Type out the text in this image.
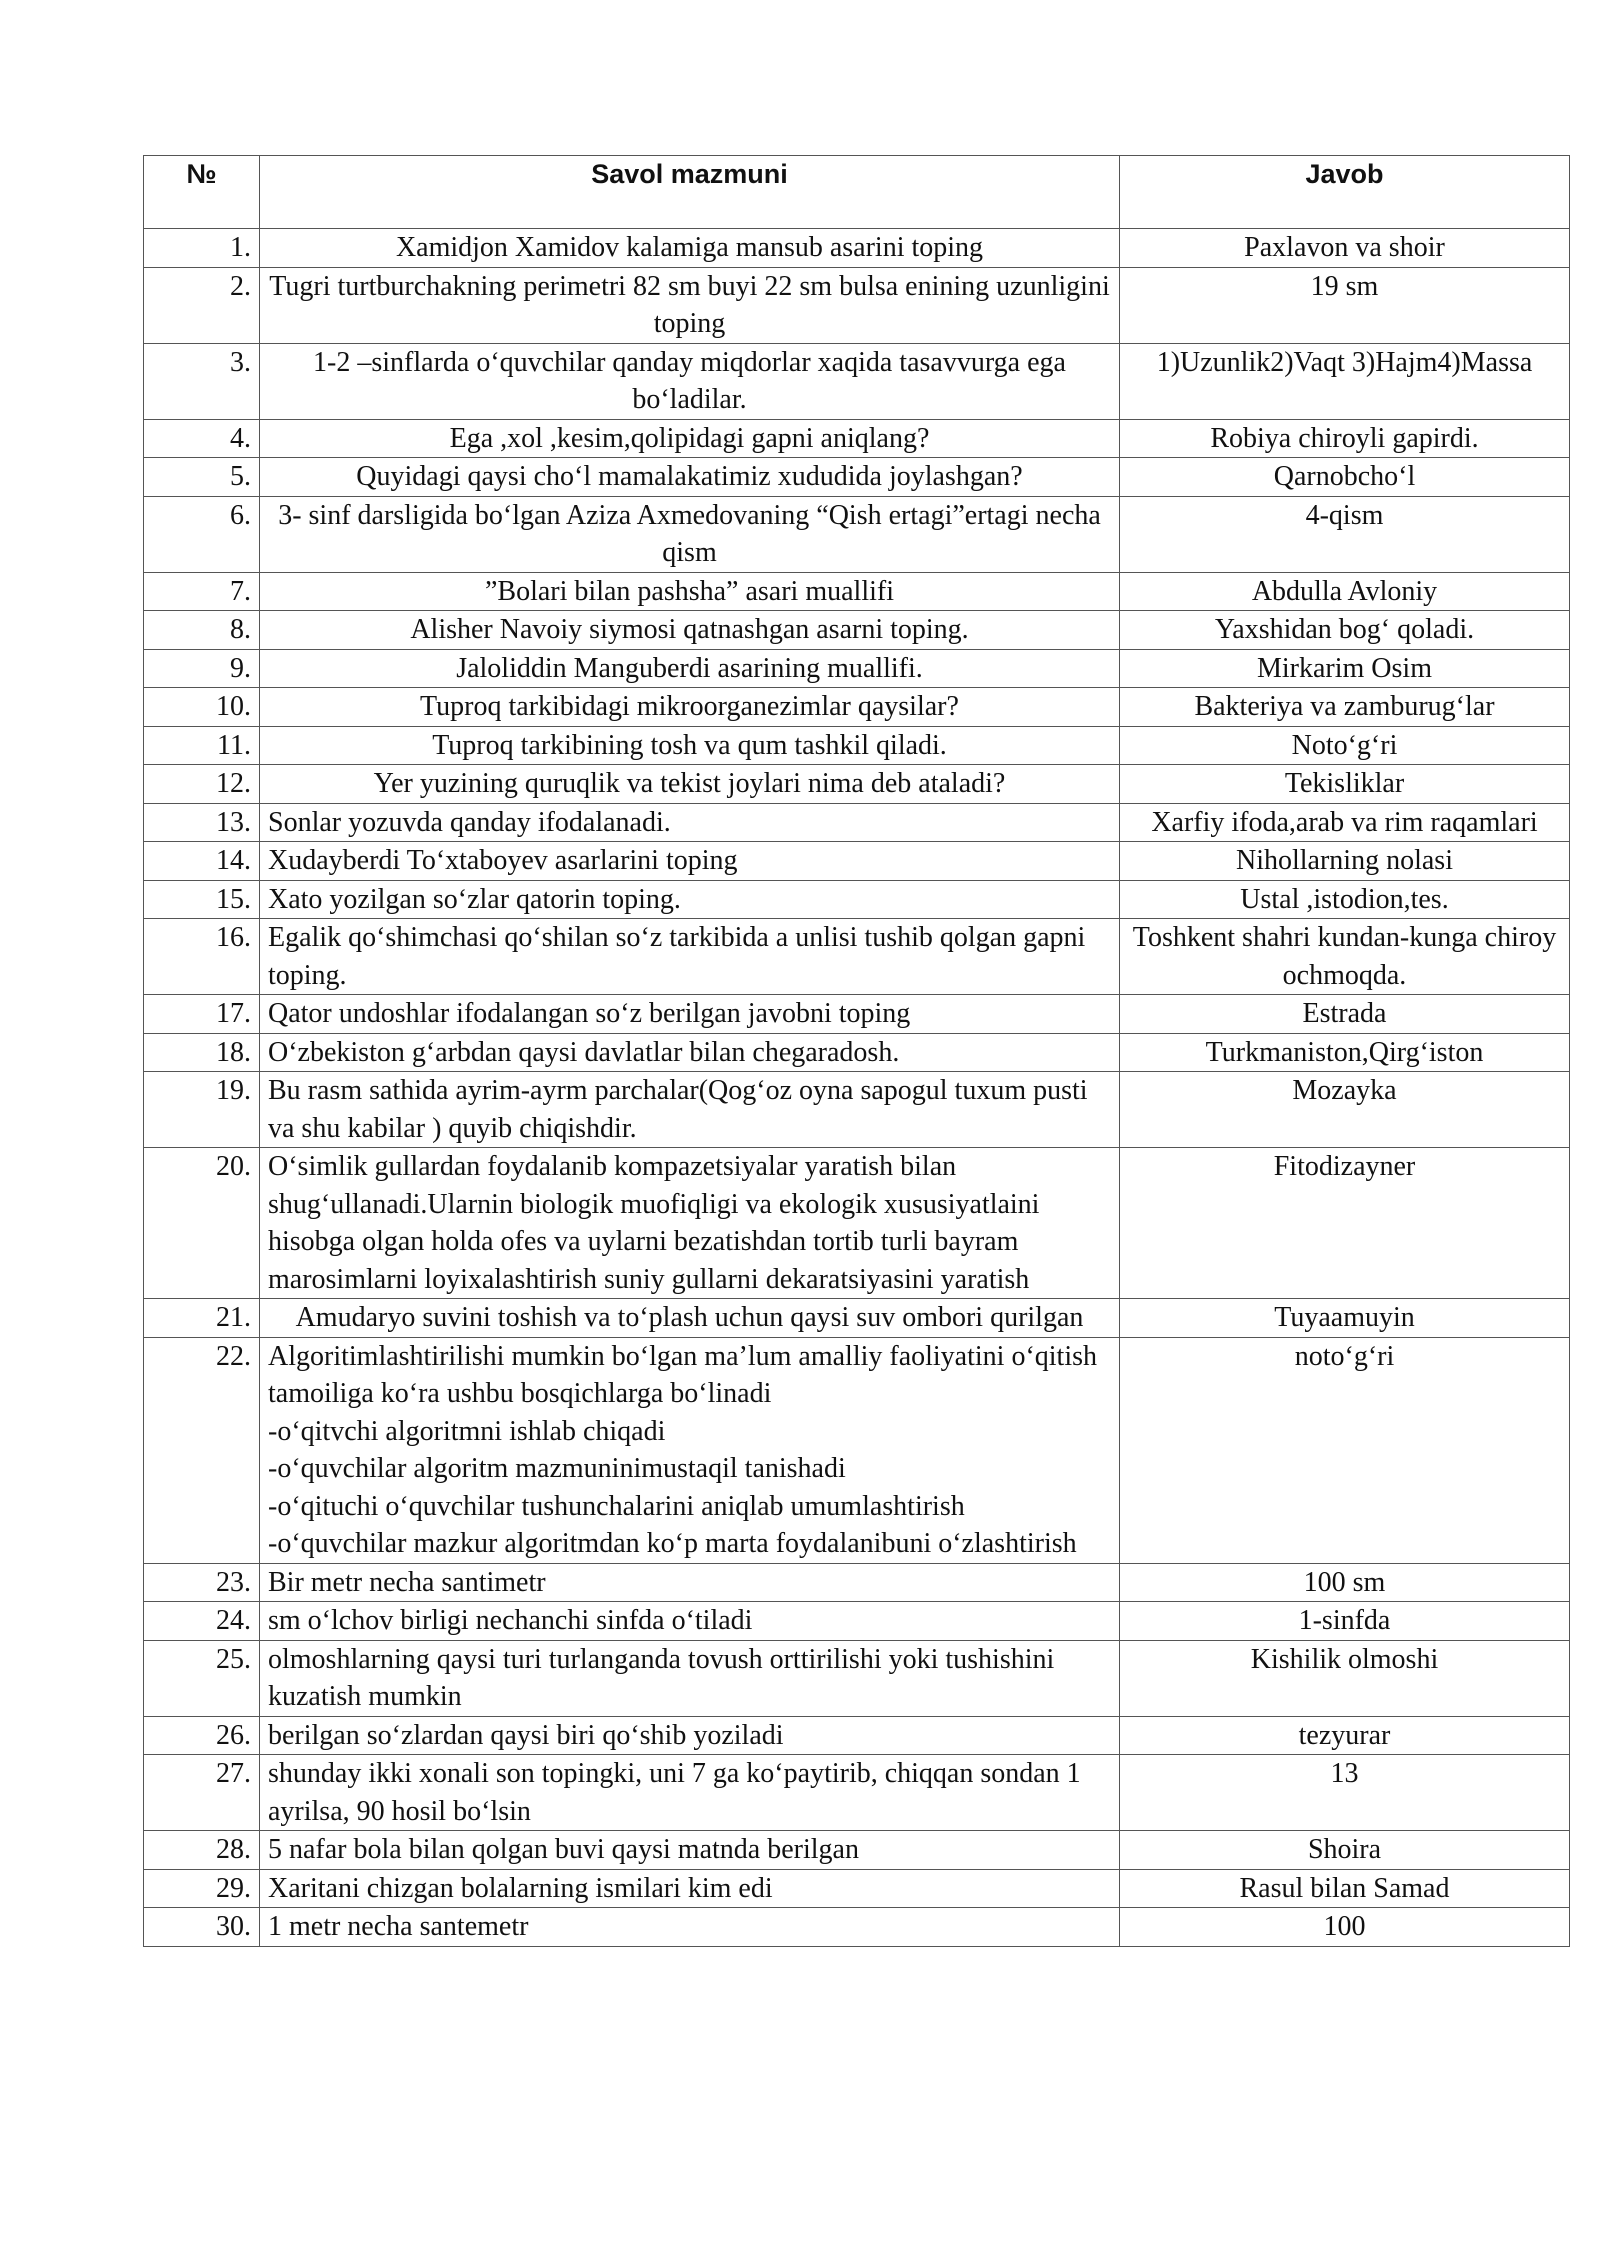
№	Savol mazmuni	Javob
1.	Xamidjon Xamidov kalamiga mansub asarini toping	Paxlavon va shoir
2.	Tugri turtburchakning perimetri 82 sm buyi 22 sm bulsa enining uzunligini toping	19 sm
3.	1-2 –sinflarda o‘quvchilar qanday miqdorlar xaqida tasavvurga ega bo‘ladilar.	1)Uzunlik2)Vaqt 3)Hajm4)Massa
4.	Ega ,xol ,kesim,qolipidagi gapni aniqlang?	Robiya chiroyli gapirdi.
5.	Quyidagi qaysi cho‘l mamalakatimiz xududida joylashgan?	Qarnobcho‘l
6.	3- sinf darsligida bo‘lgan Aziza Axmedovaning “Qish ertagi”ertagi necha qism	4-qism
7.	”Bolari bilan pashsha” asari muallifi	Abdulla Avloniy
8.	Alisher Navoiy siymosi qatnashgan asarni toping.	Yaxshidan bog‘ qoladi.
9.	Jaloliddin Manguberdi asarining muallifi.	Mirkarim Osim
10.	Tuproq tarkibidagi mikroorganezimlar qaysilar?	Bakteriya va zamburug‘lar
11.	Tuproq tarkibining tosh va qum tashkil qiladi.	Noto‘g‘ri
12.	Yer yuzining quruqlik va tekist joylari nima deb ataladi?	Tekisliklar
13.	Sonlar yozuvda qanday ifodalanadi.	Xarfiy ifoda,arab va rim raqamlari
14.	Xudayberdi To‘xtaboyev asarlarini toping	Nihollarning nolasi
15.	Xato yozilgan so‘zlar qatorin toping.	Ustal ,istodion,tes.
16.	Egalik qo‘shimchasi qo‘shilan so‘z tarkibida a unlisi tushib qolgan gapni toping.	Toshkent shahri kundan-kunga chiroy ochmoqda.
17.	Qator undoshlar ifodalangan so‘z berilgan javobni toping	Estrada
18.	O‘zbekiston g‘arbdan qaysi davlatlar bilan chegaradosh.	Turkmaniston,Qirg‘iston
19.	Bu rasm sathida ayrim-ayrm parchalar(Qog‘oz oyna sapogul tuxum pusti va shu kabilar ) quyib chiqishdir.	Mozayka
20.	O‘simlik gullardan foydalanib kompazetsiyalar yaratish bilan shug‘ullanadi.Ularnin biologik muofiqligi va ekologik xususiyatlaini hisobga olgan holda ofes va uylarni bezatishdan tortib turli bayram marosimlarni loyixalashtirish suniy gullarni dekaratsiyasini yaratish	Fitodizayner
21.	Amudaryo suvini toshish va to‘plash uchun qaysi suv ombori qurilgan	Tuyaamuyin
22.	Algoritimlashtirilishi mumkin bo‘lgan ma’lum amalliy faoliyatini o‘qitish tamoiliga ko‘ra ushbu bosqichlarga bo‘linadi
-o‘qitvchi algoritmni ishlab chiqadi
-o‘quvchilar algoritm mazmuninimustaqil tanishadi
-o‘qituchi o‘quvchilar tushunchalarini aniqlab umumlashtirish
-o‘quvchilar mazkur algoritmdan ko‘p marta foydalanibuni o‘zlashtirish	noto‘g‘ri
23.	Bir metr necha santimetr	100 sm
24.	sm o‘lchov birligi nechanchi sinfda o‘tiladi	1-sinfda
25.	olmoshlarning qaysi turi turlanganda tovush orttirilishi yoki tushishini kuzatish mumkin	Kishilik olmoshi
26.	berilgan so‘zlardan qaysi biri qo‘shib yoziladi	tezyurar
27.	shunday ikki xonali son topingki, uni 7 ga ko‘paytirib, chiqqan sondan 1 ayrilsa, 90 hosil bo‘lsin	13
28.	5 nafar bola bilan qolgan buvi qaysi matnda berilgan	Shoira
29.	Xaritani chizgan bolalarning ismilari kim edi	Rasul bilan Samad
30.	1 metr necha santemetr	100
